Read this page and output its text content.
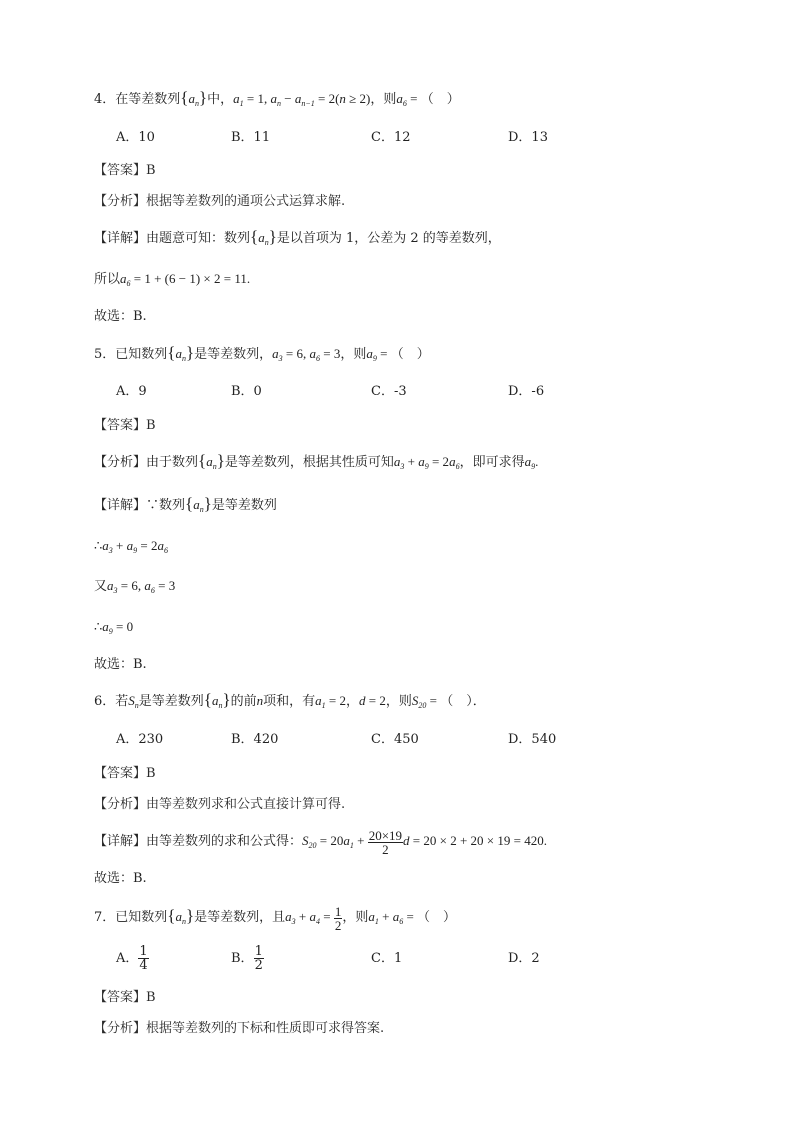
4．在等差数列$\{a_n\}$中，$a_1 = 1$, $a_n - a_{n-1} = 2(n \ge 2)$，则$a_6$ = （　）
A．10	B．11	C．12	D．13
【答案】B
【分析】根据等差数列的通项公式运算求解.
【详解】由题意可知：数列$\{a_n\}$是以首项为 1，公差为 2 的等差数列，
所以$a_6 = 1 + (6 - 1) \times 2 = 11$.
故选：B.
5．已知数列$\{a_n\}$是等差数列，$a_3 = 6$, $a_6 = 3$，则$a_9$ = （　）
A．9	B．0	C．-3	D．-6
【答案】B
【分析】由于数列$\{a_n\}$是等差数列，根据其性质可知$a_3 + a_9 = 2a_6$，即可求得$a_9$.
【详解】∵数列$\{a_n\}$是等差数列
$\therefore a_3 + a_9 = 2a_6$
又$a_3 = 6$, $a_6 = 3$
$\therefore a_9 = 0$
故选：B.
6．若$S_n$是等差数列$\{a_n\}$的前n项和，有$a_1 = 2$，d = 2，则$S_{20}$ = （　）．
A．230	B．420	C．450	D．540
【答案】B
【分析】由等差数列求和公式直接计算可得.
【详解】由等差数列的求和公式得：$S_{20} = 20a_1 + \frac{20\times 19}{2}$ d = 20 × 2 + 20 × 19 = 420.
故选：B.
7．已知数列$\{a_n\}$是等差数列，且$a_3 + a_4 = \frac{1}{2}$ ，则$a_1 + a_6$ = （　）
A． $\frac{1}{4}$	B． $\frac{1}{2}$	C．1	D．2
【答案】B
【分析】根据等差数列的下标和性质即可求得答案.
